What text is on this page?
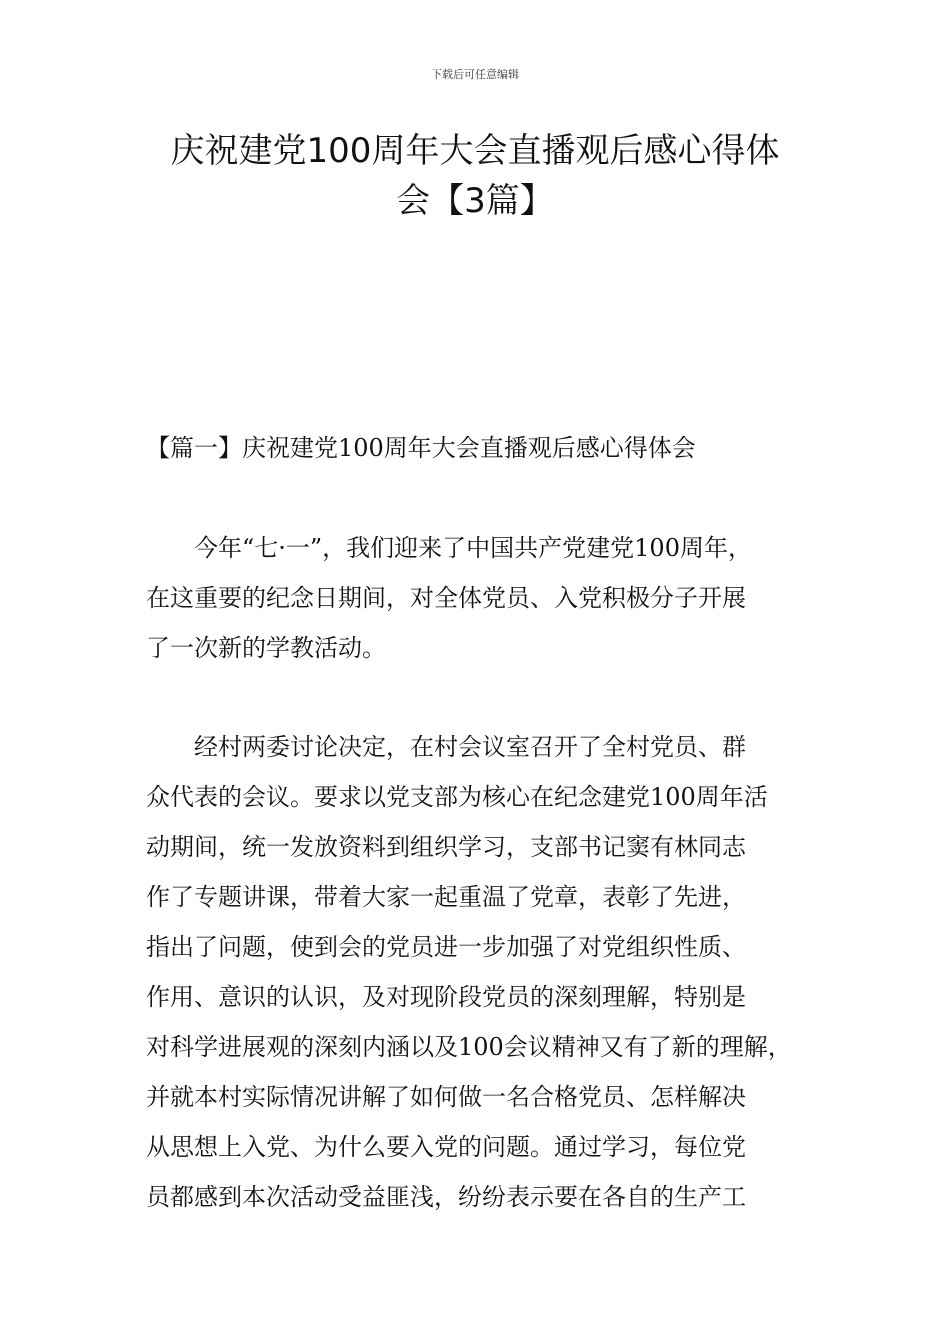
下载后可任意编辑
庆祝建党100周年大会直播观后感心得体
会【3篇】
【篇一】庆祝建党100周年大会直播观后感心得体会
　　今年“七·一”，我们迎来了中国共产党建党100周年，
在这重要的纪念日期间，对全体党员、入党积极分子开展
了一次新的学教活动。
　　经村两委讨论决定，在村会议室召开了全村党员、群
众代表的会议。要求以党支部为核心在纪念建党100周年活
动期间，统一发放资料到组织学习，支部书记窦有林同志
作了专题讲课，带着大家一起重温了党章，表彰了先进，
指出了问题，使到会的党员进一步加强了对党组织性质、
作用、意识的认识，及对现阶段党员的深刻理解，特别是
对科学进展观的深刻内涵以及100会议精神又有了新的理解，
并就本村实际情况讲解了如何做一名合格党员、怎样解决
从思想上入党、为什么要入党的问题。通过学习，每位党
员都感到本次活动受益匪浅，纷纷表示要在各自的生产工
